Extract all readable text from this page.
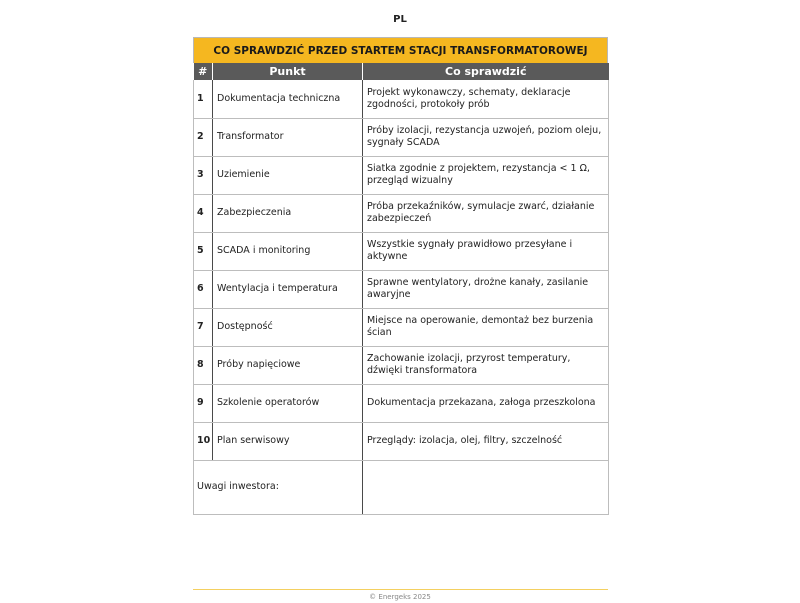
PL
CO SPRAWDZIĆ PRZED STARTEM STACJI TRANSFORMATOROWEJ
#	Punkt	Co sprawdzić
1	Dokumentacja techniczna	Projekt wykonawczy, schematy, deklaracje zgodności, protokoły prób
2	Transformator	Próby izolacji, rezystancja uzwojeń, poziom oleju, sygnały SCADA
3	Uziemienie	Siatka zgodnie z projektem, rezystancja < 1 Ω, przegląd wizualny
4	Zabezpieczenia	Próba przekaźników, symulacje zwarć, działanie zabezpieczeń
5	SCADA i monitoring	Wszystkie sygnały prawidłowo przesyłane i aktywne
6	Wentylacja i temperatura	Sprawne wentylatory, drożne kanały, zasilanie awaryjne
7	Dostępność	Miejsce na operowanie, demontaż bez burzenia ścian
8	Próby napięciowe	Zachowanie izolacji, przyrost temperatury, dźwięki transformatora
9	Szkolenie operatorów	Dokumentacja przekazana, załoga przeszkolona
10	Plan serwisowy	Przeglądy: izolacja, olej, filtry, szczelność
Uwagi inwestora:		
© Energeks 2025
